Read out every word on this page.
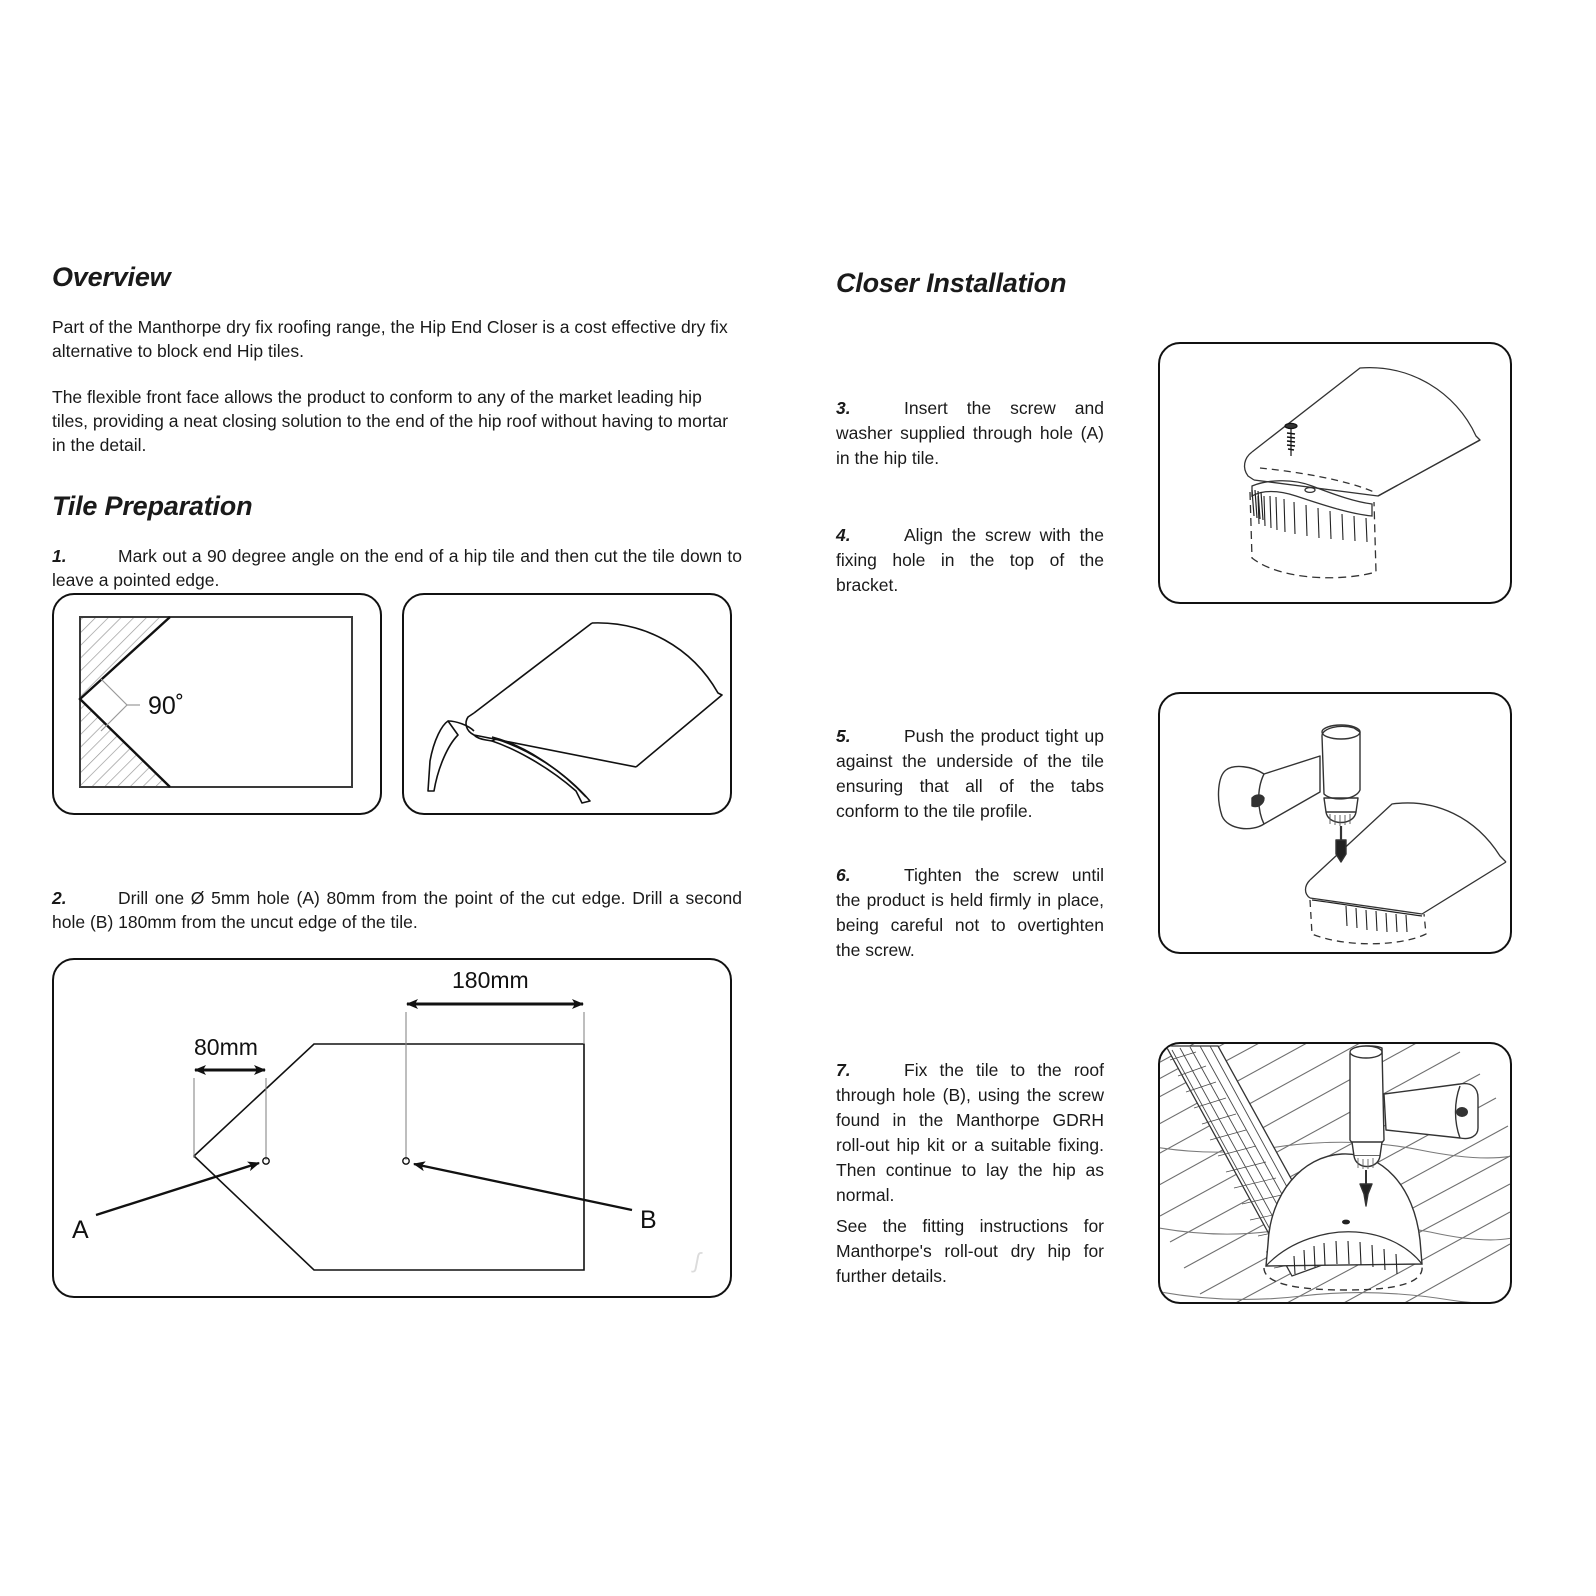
Overview

Part of the Manthorpe dry fix roofing range, the Hip End Closer is a cost effective dry fix alternative to block end Hip tiles.

The flexible front face allows the product to conform to any of the market leading hip tiles, providing a neat closing solution to the end of the hip roof without having to mortar in the detail.

Tile Preparation

1.	Mark out a 90 degree angle on the end of a hip tile and then cut the tile down to leave a pointed edge.

2.	Drill one Ø 5mm hole (A) 80mm from the point of the cut edge. Drill a second hole (B) 180mm from the uncut edge of the tile.

90˚
80mm
180mm
A	B
ʃ
Closer Installation

3.	Insert the screw and washer supplied through hole (A) in the hip tile.

4.	Align the screw with the fixing hole in the top of the bracket.

5.	Push the product tight up against the underside of the tile ensuring that all of the tabs conform to the tile profile.

6.	Tighten the screw until the product is held firmly in place, being careful not to overtighten the screw.

7.	Fix the tile to the roof through hole (B), using the screw found in the Manthorpe GDRH roll-out hip kit or a suitable fixing. Then continue to lay the hip as normal.

See the fitting instructions for Manthorpe's roll-out dry hip for further details.
